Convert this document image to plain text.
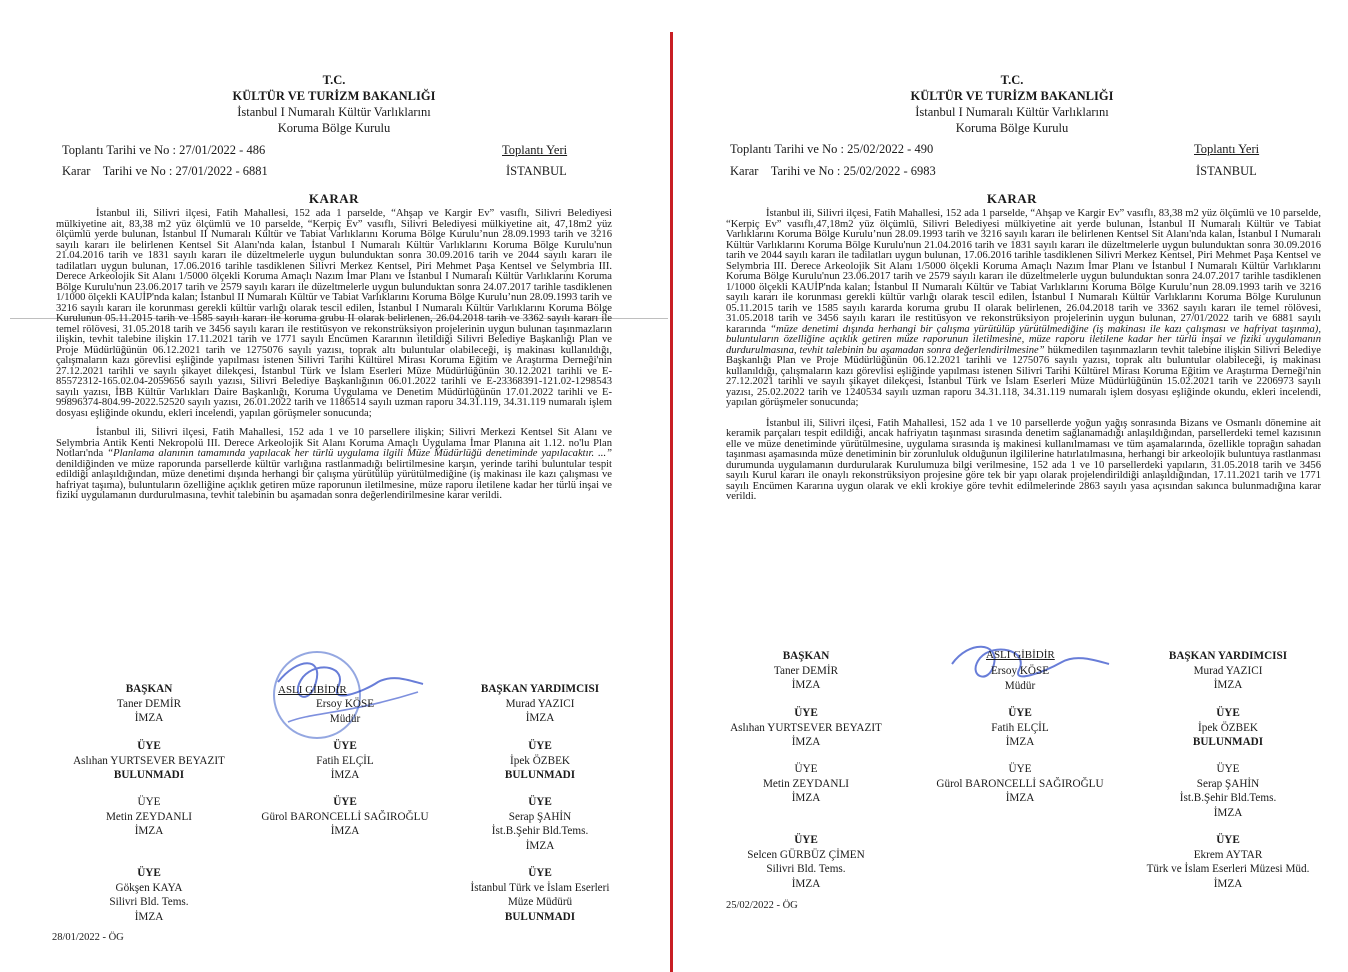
T.C.
KÜLTÜR VE TURİZM BAKANLIĞI
İstanbul I Numaralı Kültür Varlıklarını
Koruma Bölge Kurulu
Toplantı Tarihi ve No : 27/01/2022 - 486
Karar    Tarihi ve No : 27/01/2022 - 6881
Toplantı Yeri
İSTANBUL
KARAR

İstanbul ili, Silivri ilçesi, Fatih Mahallesi, 152 ada 1 parselde, “Ahşap ve Kargir Ev” vasıflı, Silivri Belediyesi mülkiyetine ait, 83,38 m2 yüz ölçümlü ve 10 parselde, “Kerpiç Ev” vasıflı, Silivri Belediyesi mülkiyetine ait, 47,18m2 yüz ölçümlü yerde bulunan, İstanbul II Numaralı Kültür ve Tabiat Varlıklarını Koruma Bölge Kurulu’nun 28.09.1993 tarih ve 3216 sayılı kararı ile belirlenen Kentsel Sit Alanı'nda kalan, İstanbul I Numaralı Kültür Varlıklarını Koruma Bölge Kurulu'nun 21.04.2016 tarih ve 1831 sayılı kararı ile düzeltmelerle uygun bulunduktan sonra 30.09.2016 tarih ve 2044 sayılı kararı ile tadilatları uygun bulunan, 17.06.2016 tarihle tasdiklenen Silivri Merkez Kentsel, Piri Mehmet Paşa Kentsel ve Selymbria III. Derece Arkeolojik Sit Alanı 1/5000 ölçekli Koruma Amaçlı Nazım İmar Planı ve İstanbul I Numaralı Kültür Varlıklarını Koruma Bölge Kurulu'nun 23.06.2017 tarih ve 2579 sayılı kararı ile düzeltmelerle uygun bulunduktan sonra 24.07.2017 tarihle tasdiklenen 1/1000 ölçekli KAUİP'nda kalan; İstanbul II Numaralı Kültür ve Tabiat Varlıklarını Koruma Bölge Kurulu’nun 28.09.1993 tarih ve 3216 sayılı kararı ile korunması gerekli kültür varlığı olarak tescil edilen, İstanbul I Numaralı Kültür Varlıklarını Koruma Bölge Kurulunun 05.11.2015 tarih ve 1585 sayılı kararı ile koruma grubu II olarak belirlenen, 26.04.2018 tarih ve 3362 sayılı kararı ile temel rölövesi, 31.05.2018 tarih ve 3456 sayılı kararı ile restitüsyon ve rekonstrüksiyon projelerinin uygun bulunan taşınmazların ilişkin, tevhit talebine ilişkin 17.11.2021 tarih ve 1771 sayılı Encümen Kararının iletildiği Silivri Belediye Başkanlığı Plan ve Proje Müdürlüğünün 06.12.2021 tarih ve 1275076 sayılı yazısı, toprak altı buluntular olabileceği, iş makinası kullanıldığı, çalışmaların kazı görevlisi eşliğinde yapılması istenen Silivri Tarihi Kültürel Mirası Koruma Eğitim ve Araştırma Derneği'nin 27.12.2021 tarihli ve sayılı şikayet dilekçesi, İstanbul Türk ve İslam Eserleri Müze Müdürlüğünün 30.12.2021 tarihli ve E-85572312-165.02.04-2059656 sayılı yazısı, Silivri Belediye Başkanlığının 06.01.2022 tarihli ve E-23368391-121.02-1298543 sayılı yazısı, İBB Kültür Varlıkları Daire Başkanlığı, Koruma Uygulama ve Denetim Müdürlüğünün 17.01.2022 tarihli ve E-99896374-804.99-2022.52520 sayılı yazısı, 26.01.2022 tarih ve 1186514 sayılı uzman raporu 34.31.119, 34.31.119 numaralı işlem dosyası eşliğinde okundu, ekleri incelendi, yapılan görüşmeler sonucunda;

İstanbul ili, Silivri ilçesi, Fatih Mahallesi, 152 ada 1 ve 10 parsellere ilişkin; Silivri Merkezi Kentsel Sit Alanı ve Selymbria Antik Kenti Nekropolü III. Derece Arkeolojik Sit Alanı Koruma Amaçlı Uygulama İmar Planına ait 1.12. no'lu Plan Notları'nda “Planlama alanının tamamında yapılacak her türlü uygulama ilgili Müze Müdürlüğü denetiminde yapılacaktır. ...” denildiğinden ve müze raporunda parsellerde kültür varlığına rastlanmadığı belirtilmesine karşın, yerinde tarihi buluntular tespit edildiği anlaşıldığından, müze denetimi dışında herhangi bir çalışma yürütülüp yürütülmediğine (iş makinası ile kazı çalışması ve hafriyat taşıma), buluntuların özelliğine açıklık getiren müze raporunun iletilmesine, müze raporu iletilene kadar her türlü inşai ve fiziki uygulamanın durdurulmasına, tevhit talebinin bu aşamadan sonra değerlendirilmesine karar verildi.

ASLI GİBİDİR
BAŞKAN
Taner DEMİR
İMZA
Ersoy KÖSE
Müdür
BAŞKAN YARDIMCISI
Murad YAZICI
İMZA
ÜYE
Aslıhan YURTSEVER BEYAZIT
BULUNMADI
ÜYE
Fatih ELÇİL
İMZA
ÜYE
İpek ÖZBEK
BULUNMADI
ÜYE
Metin ZEYDANLI
İMZA
ÜYE
Gürol BARONCELLİ SAĞIROĞLU
İMZA
ÜYE
Serap ŞAHİN
İst.B.Şehir Bld.Tems.
İMZA
ÜYE
Gökşen KAYA
Silivri Bld. Tems.
İMZA
ÜYE
İstanbul Türk ve İslam Eserleri
Müze Müdürü
BULUNMADI
28/01/2022 - ÖG
T.C.
KÜLTÜR VE TURİZM BAKANLIĞI
İstanbul I Numaralı Kültür Varlıklarını
Koruma Bölge Kurulu
Toplantı Tarihi ve No : 25/02/2022 - 490
Karar    Tarihi ve No : 25/02/2022 - 6983
Toplantı Yeri
İSTANBUL
KARAR

İstanbul ili, Silivri ilçesi, Fatih Mahallesi, 152 ada 1 parselde, “Ahşap ve Kargir Ev” vasıflı, 83,38 m2 yüz ölçümlü ve 10 parselde, “Kerpiç Ev” vasıflı,47,18m2 yüz ölçümlü, Silivri Belediyesi mülkiyetine ait yerde bulunan, İstanbul II Numaralı Kültür ve Tabiat Varlıklarını Koruma Bölge Kurulu’nun 28.09.1993 tarih ve 3216 sayılı kararı ile belirlenen Kentsel Sit Alanı'nda kalan, İstanbul I Numaralı Kültür Varlıklarını Koruma Bölge Kurulu'nun 21.04.2016 tarih ve 1831 sayılı kararı ile düzeltmelerle uygun bulunduktan sonra 30.09.2016 tarih ve 2044 sayılı kararı ile tadilatları uygun bulunan, 17.06.2016 tarihle tasdiklenen Silivri Merkez Kentsel, Piri Mehmet Paşa Kentsel ve Selymbria III. Derece Arkeolojik Sit Alanı 1/5000 ölçekli Koruma Amaçlı Nazım İmar Planı ve İstanbul I Numaralı Kültür Varlıklarını Koruma Bölge Kurulu'nun 23.06.2017 tarih ve 2579 sayılı kararı ile düzeltmelerle uygun bulunduktan sonra 24.07.2017 tarihle tasdiklenen 1/1000 ölçekli KAUİP'nda kalan; İstanbul II Numaralı Kültür ve Tabiat Varlıklarını Koruma Bölge Kurulu’nun 28.09.1993 tarih ve 3216 sayılı kararı ile korunması gerekli kültür varlığı olarak tescil edilen, İstanbul I Numaralı Kültür Varlıklarını Koruma Bölge Kurulunun 05.11.2015 tarih ve 1585 sayılı kararda koruma grubu II olarak belirlenen, 26.04.2018 tarih ve 3362 sayılı kararı ile temel rölövesi, 31.05.2018 tarih ve 3456 sayılı kararı ile restitüsyon ve rekonstrüksiyon projelerinin uygun bulunan, 27/01/2022 tarih ve 6881 sayılı kararında “müze denetimi dışında herhangi bir çalışma yürütülüp yürütülmediğine (iş makinası ile kazı çalışması ve hafriyat taşınma), buluntuların özelliğine açıklık getiren müze raporunun iletilmesine, müze raporu iletilene kadar her türlü inşai ve fiziki uygulamanın durdurulmasına, tevhit talebinin bu aşamadan sonra değerlendirilmesine” hükmedilen taşınmazların tevhit talebine ilişkin Silivri Belediye Başkanlığı Plan ve Proje Müdürlüğünün 06.12.2021 tarihli ve 1275076 sayılı yazısı, toprak altı buluntular olabileceği, iş makinası kullanıldığı, çalışmaların kazı görevlisi eşliğinde yapılması istenen Silivri Tarihi Kültürel Mirası Koruma Eğitim ve Araştırma Derneği'nin 27.12.2021 tarihli ve sayılı şikayet dilekçesi, İstanbul Türk ve İslam Eserleri Müze Müdürlüğünün 15.02.2021 tarih ve 2206973 sayılı yazısı, 25.02.2022 tarih ve 1240534 sayılı uzman raporu 34.31.118, 34.31.119 numaralı işlem dosyası eşliğinde okundu, ekleri incelendi, yapılan görüşmeler sonucunda;

İstanbul ili, Silivri ilçesi, Fatih Mahallesi, 152 ada 1 ve 10 parsellerde yoğun yağış sonrasında Bizans ve Osmanlı dönemine ait keramik parçaları tespit edildiği, ancak hafriyatın taşınması sırasında denetim sağlanamadığı anlaşıldığından, parsellerdeki temel kazısının elle ve müze denetiminde yürütülmesine, uygulama sırasında iş makinesi kullanılmaması ve tüm aşamalarında, özellikle toprağın sahadan taşınması aşamasında müze denetiminin bir zorunluluk olduğunun ilgililerine hatırlatılmasına, herhangi bir arkeolojik buluntuya rastlanması durumunda uygulamanın durdurularak Kurulumuza bilgi verilmesine, 152 ada 1 ve 10 parsellerdeki yapıların, 31.05.2018 tarih ve 3456 sayılı Kurul kararı ile onaylı rekonstrüksiyon projesine göre tek bir yapı olarak projelendirildiği anlaşıldığından, 17.11.2021 tarih ve 1771 sayılı Encümen Kararına uygun olarak ve ekli krokiye göre tevhit edilmelerinde 2863 sayılı yasa açısından sakınca bulunmadığına karar verildi.

ASLI GİBİDİR
BAŞKAN
Taner DEMİR
İMZA
Ersoy KÖSE
Müdür
BAŞKAN YARDIMCISI
Murad YAZICI
İMZA
ÜYE
Aslıhan YURTSEVER BEYAZIT
İMZA
ÜYE
Fatih ELÇİL
İMZA
ÜYE
İpek ÖZBEK
BULUNMADI
ÜYE
Metin ZEYDANLI
İMZA
ÜYE
Gürol BARONCELLİ SAĞIROĞLU
İMZA
ÜYE
Serap ŞAHİN
İst.B.Şehir Bld.Tems.
İMZA
ÜYE
Selcen GÜRBÜZ ÇİMEN
Silivri Bld. Tems.
İMZA
ÜYE
Ekrem AYTAR
Türk ve İslam Eserleri Müzesi Müd.
İMZA
25/02/2022 - ÖG
